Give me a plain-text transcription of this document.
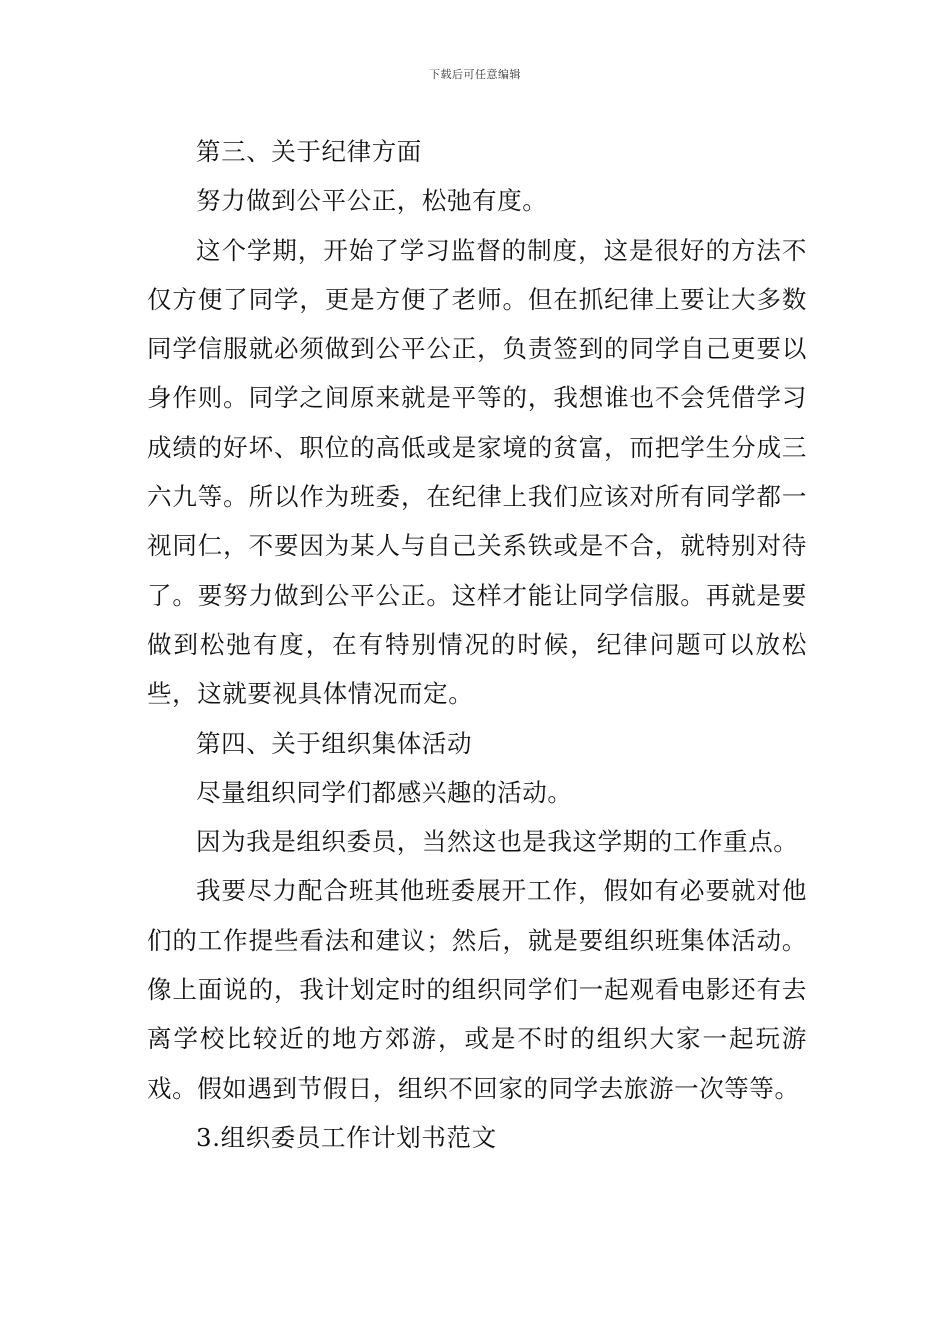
下载后可任意编辑

第三、关于纪律方面

努力做到公平公正，松弛有度。

这个学期，开始了学习监督的制度，这是很好的方法不仅方便了同学，更是方便了老师。但在抓纪律上要让大多数同学信服就必须做到公平公正，负责签到的同学自己更要以身作则。同学之间原来就是平等的，我想谁也不会凭借学习成绩的好坏、职位的高低或是家境的贫富，而把学生分成三六九等。所以作为班委，在纪律上我们应该对所有同学都一视同仁，不要因为某人与自己关系铁或是不合，就特别对待了。要努力做到公平公正。这样才能让同学信服。再就是要做到松弛有度，在有特别情况的时候，纪律问题可以放松些，这就要视具体情况而定。

第四、关于组织集体活动

尽量组织同学们都感兴趣的活动。

因为我是组织委员，当然这也是我这学期的工作重点。

我要尽力配合班其他班委展开工作，假如有必要就对他们的工作提些看法和建议；然后，就是要组织班集体活动。像上面说的，我计划定时的组织同学们一起观看电影还有去离学校比较近的地方郊游，或是不时的组织大家一起玩游戏。假如遇到节假日，组织不回家的同学去旅游一次等等。

3.组织委员工作计划书范文
